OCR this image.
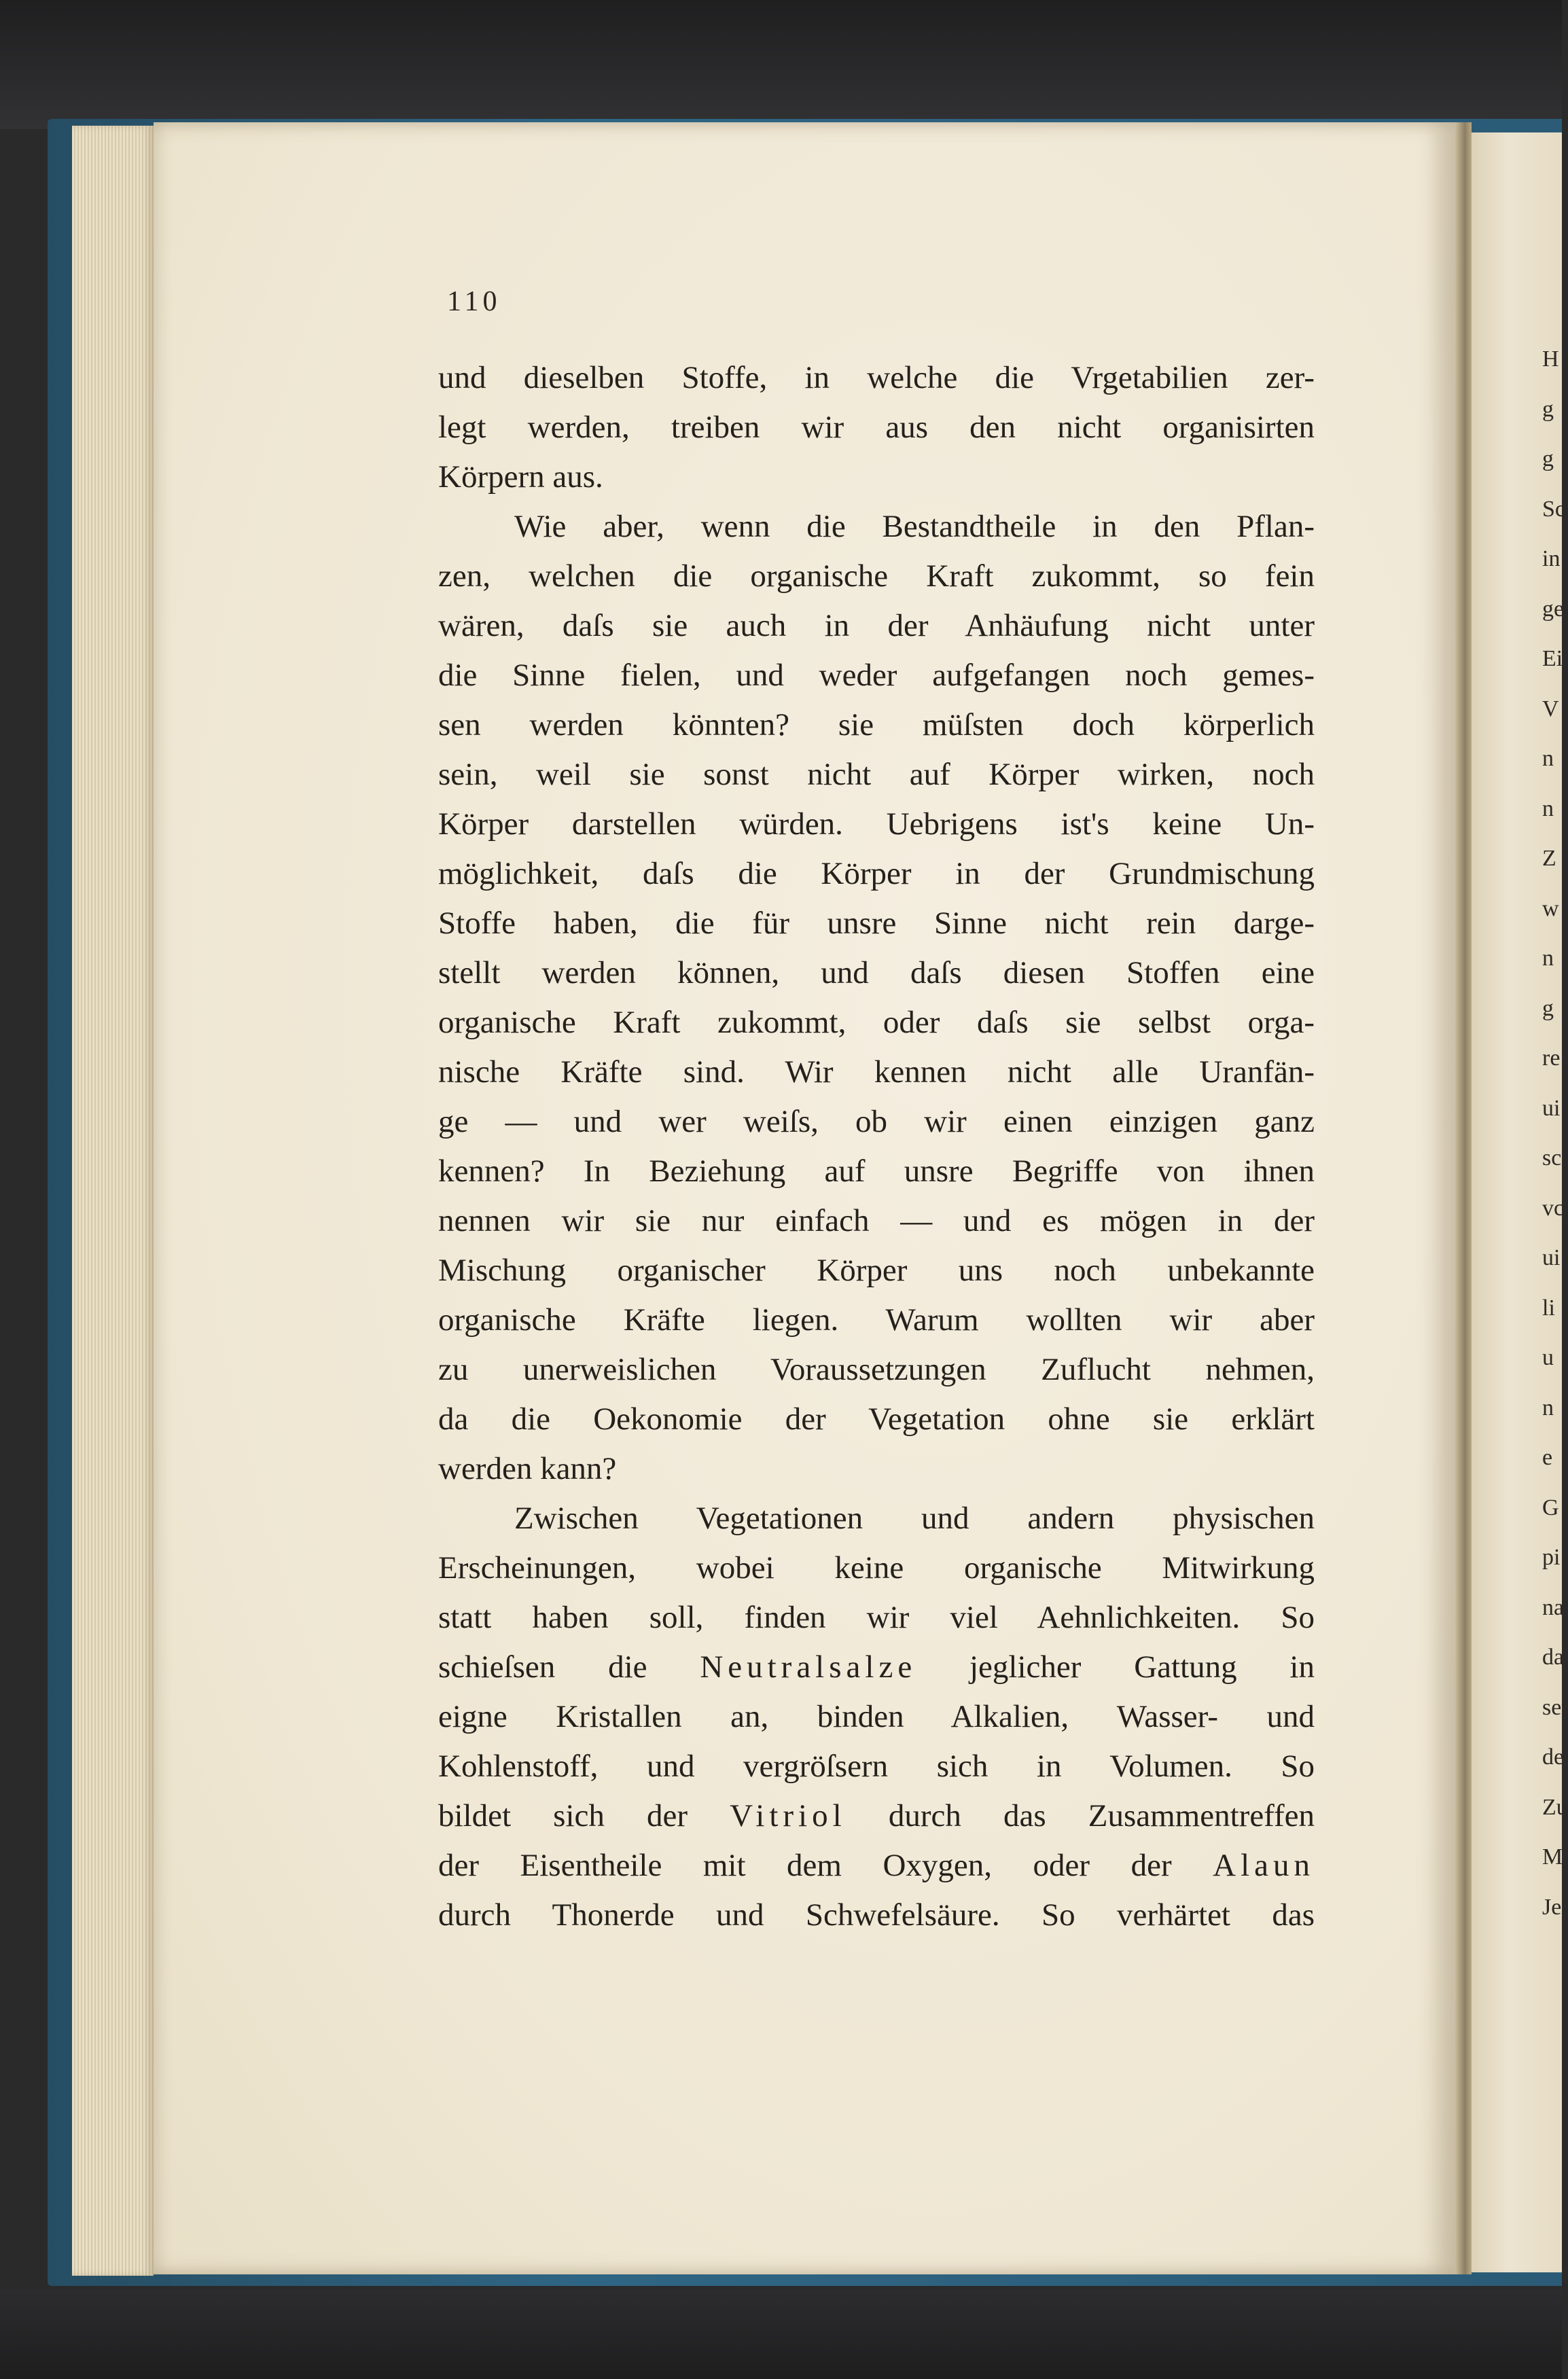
H
g
g
Sc
in
ge
Ei
V
n
n
Z
w
n
g
re
ui
sc
vc
ui
li
u
n
e
G
pi
na
da
set
de
Zu
M
Je
110

und dieselben Stoffe, in welche die Vrgetabilien zer-
legt werden, treiben wir aus den nicht organisirten
Körpern aus.

Wie aber, wenn die Bestandtheile in den Pflan-
zen, welchen die organische Kraft zukommt, so fein
wären, daſs sie auch in der Anhäufung nicht unter
die Sinne fielen, und weder aufgefangen noch gemes-
sen werden könnten? sie müſsten doch körperlich
sein, weil sie sonst nicht auf Körper wirken, noch
Körper darstellen würden. Uebrigens ist's keine Un-
möglichkeit, daſs die Körper in der Grundmischung
Stoffe haben, die für unsre Sinne nicht rein darge-
stellt werden können, und daſs diesen Stoffen eine
organische Kraft zukommt, oder daſs sie selbst orga-
nische Kräfte sind. Wir kennen nicht alle Uranfän-
ge — und wer weiſs, ob wir einen einzigen ganz
kennen? In Beziehung auf unsre Begriffe von ihnen
nennen wir sie nur einfach — und es mögen in der
Mischung organischer Körper uns noch unbekannte
organische Kräfte liegen. Warum wollten wir aber
zu unerweislichen Voraussetzungen Zuflucht nehmen,
da die Oekonomie der Vegetation ohne sie erklärt
werden kann?

Zwischen Vegetationen und andern physischen
Erscheinungen, wobei keine organische Mitwirkung
statt haben soll, finden wir viel Aehnlichkeiten. So
schieſsen die Neutralsalze jeglicher Gattung in
eigne Kristallen an, binden Alkalien, Wasser- und
Kohlenstoff, und vergröſsern sich in Volumen. So
bildet sich der Vitriol durch das Zusammentreffen
der Eisentheile mit dem Oxygen, oder der Alaun
durch Thonerde und Schwefelsäure. So verhärtet das
